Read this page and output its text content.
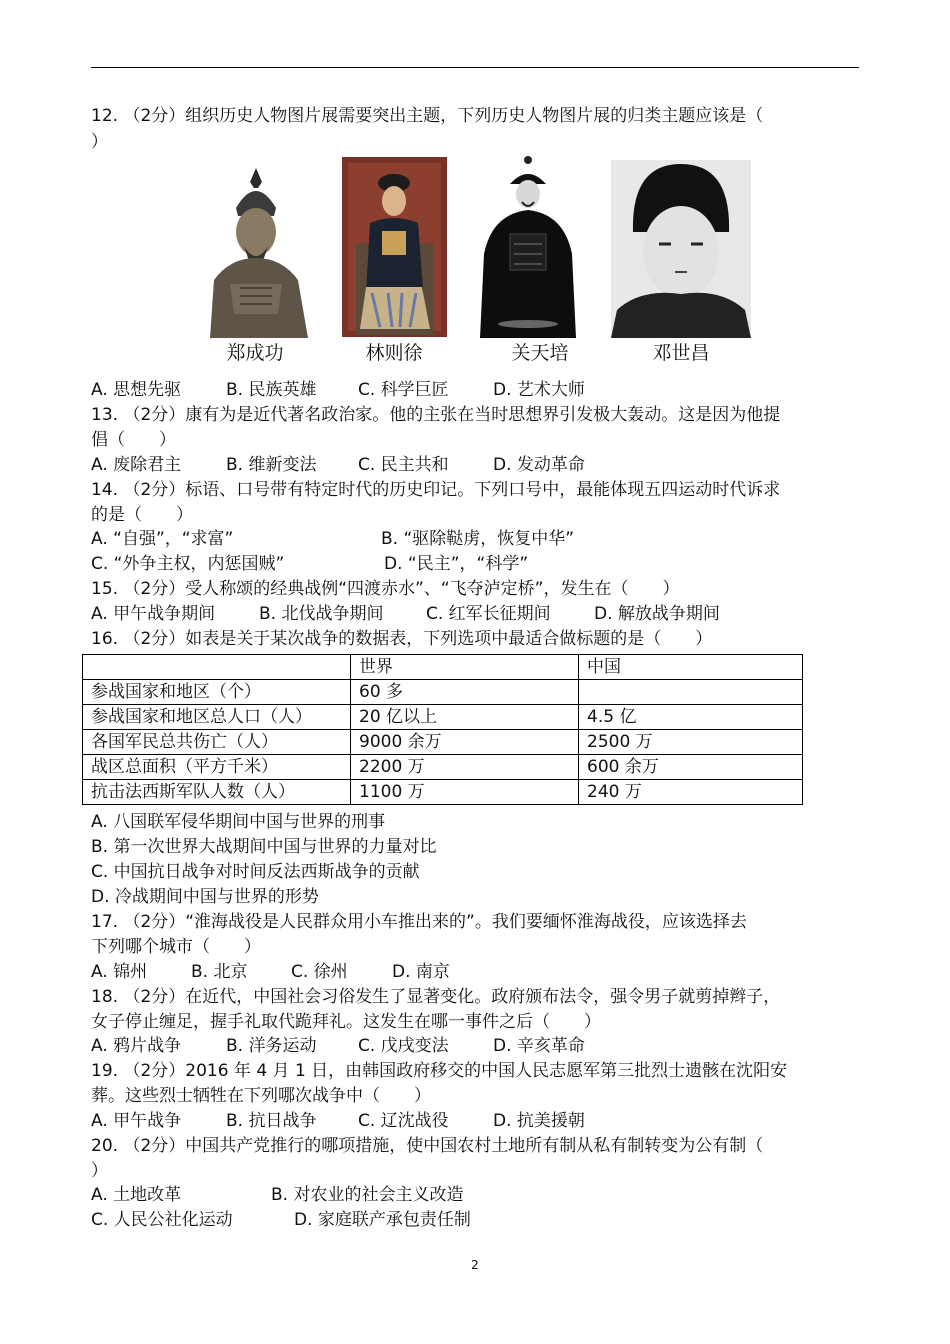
12. （2分）组织历史人物图片展需要突出主题，下列历史人物图片展的归类主题应该是（
）
郑成功	林则徐	关天培	邓世昌
A. 思想先驱	B. 民族英雄 C. 科学巨匠	D. 艺术大师
13. （2分）康有为是近代著名政治家。他的主张在当时思想界引发极大轰动。这是因为他提
倡（　　）
A. 废除君主	B. 维新变法 C. 民主共和	D. 发动革命
14. （2分）标语、口号带有特定时代的历史印记。下列口号中，最能体现五四运动时代诉求
的是（　　）
A. “自强”，“求富”	B. “驱除鞑虏，恢复中华”
C. “外争主权，内惩国贼”	D. “民主”，“科学”
15. （2分）受人称颂的经典战例“四渡赤水”、“飞夺泸定桥”，发生在（　　）
A. 甲午战争期间	B. 北伐战争期间	C. 红军长征期间	D. 解放战争期间
16. （2分）如表是关于某次战争的数据表，下列选项中最适合做标题的是（　　）
	世界	中国
参战国家和地区（个）	60 多	
参战国家和地区总人口（人）	20 亿以上	4.5 亿
各国军民总共伤亡（人）	9000 余万	2500 万
战区总面积（平方千米）	2200 万	600 余万
抗击法西斯军队人数（人）	1100 万	240 万
A. 八国联军侵华期间中国与世界的刑事
B. 第一次世界大战期间中国与世界的力量对比
C. 中国抗日战争对时间反法西斯战争的贡献
D. 冷战期间中国与世界的形势
17. （2分）“淮海战役是人民群众用小车推出来的”。我们要缅怀淮海战役，应该选择去
下列哪个城市（　　）
A. 锦州	B. 北京	C. 徐州	D. 南京
18. （2分）在近代，中国社会习俗发生了显著变化。政府颁布法令，强令男子就剪掉辫子，
女子停止缠足，握手礼取代跪拜礼。这发生在哪一事件之后（　　）
A. 鸦片战争	B. 洋务运动 C. 戊戌变法	D. 辛亥革命
19. （2分）2016 年 4 月 1 日，由韩国政府移交的中国人民志愿军第三批烈士遗骸在沈阳安
葬。这些烈士牺牲在下列哪次战争中（　　）
A. 甲午战争	B. 抗日战争 C. 辽沈战役	D. 抗美援朝
20. （2分）中国共产党推行的哪项措施，使中国农村土地所有制从私有制转变为公有制（
）
A. 土地改革	B. 对农业的社会主义改造
C. 人民公社化运动	D. 家庭联产承包责任制
2
